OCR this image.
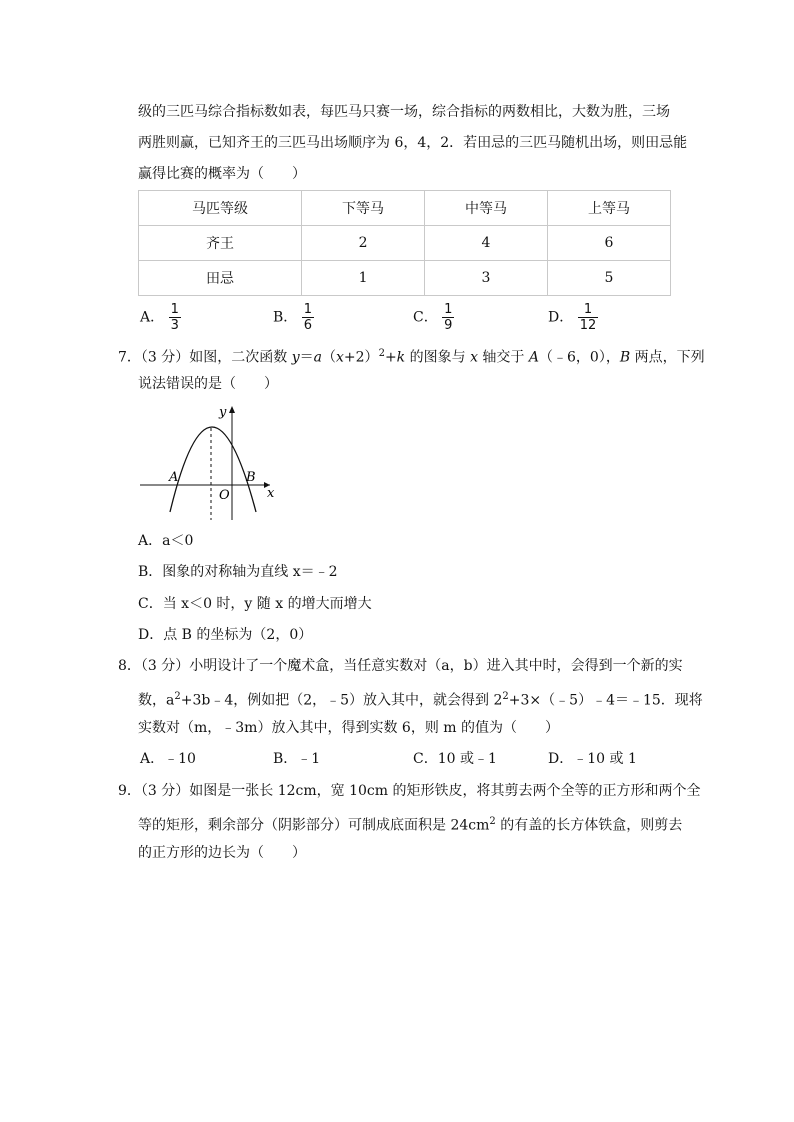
级的三匹马综合指标数如表，每匹马只赛一场，综合指标的两数相比，大数为胜，三场
两胜则赢，已知齐王的三匹马出场顺序为 6，4，2．若田忌的三匹马随机出场，则田忌能
赢得比赛的概率为（　　）
马匹等级	下等马	中等马	上等马
齐王	2	4	6
田忌	1	3	5
A． $\frac{1}{3}$	B． $\frac{1}{6}$	C． $\frac{1}{9}$	D． $\frac{1}{12}$
7．（3 分）如图，二次函数 $y=a(x+2)^2+k$ 的图象与 x 轴交于 A（﹣6，0），B 两点，下列
说法错误的是（　　）
y
x
A	B
O
A．a＜0
B．图象的对称轴为直线 x＝﹣2
C．当 x＜0 时，y 随 x 的增大而增大
D．点 B 的坐标为（2，0）
8．（3 分）小明设计了一个魔术盒，当任意实数对（a，b）进入其中时，会得到一个新的实
数，$a^2+3b﹣4$，例如把（2，﹣5）放入其中，就会得到 $2^2+3\times(﹣5)﹣4=﹣15$．现将
实数对（m，﹣3m）放入其中，得到实数 6，则 m 的值为（　　）
A．﹣10	B．﹣1	C．10 或﹣1	D．﹣10 或 1
9．（3 分）如图是一张长 12cm，宽 10cm 的矩形铁皮，将其剪去两个全等的正方形和两个全
等的矩形，剩余部分（阴影部分）可制成底面积是 $24cm^2$ 的有盖的长方体铁盒，则剪去
的正方形的边长为（　　）
